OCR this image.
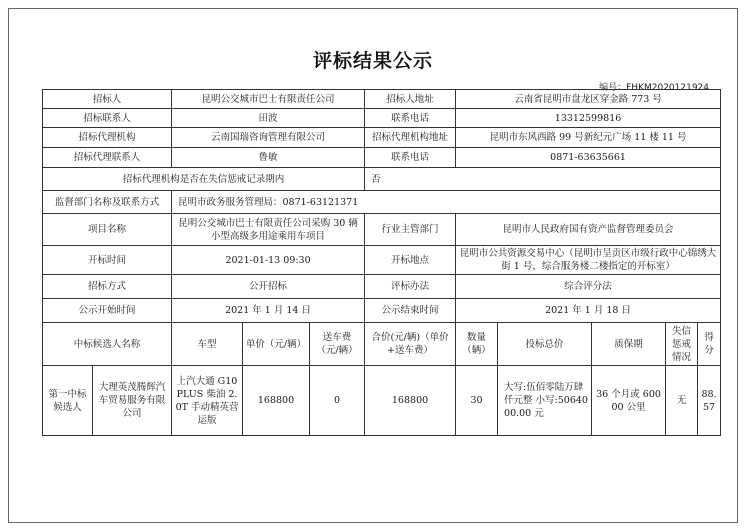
评标结果公示
编号：FHKM2020121924
招标人		昆明公交城市巴士有限责任公司			招标人地址	云南省昆明市盘龙区穿金路 773 号				
招标联系人		田波			联系电话	13312599816				
招标代理机构		云南国瑞咨询管理有限公司			招标代理机构地址	昆明市东风西路 99 号新纪元广场 11 楼 11 号				
招标代理联系人		鲁敏			联系电话	0871-63635661				
招标代理机构是否在失信惩戒记录期内					否					
监督部门名称及联系方式		昆明市政务服务管理局：0871-63121371								
项目名称		昆明公交城市巴士有限责任公司采购 30 辆小型高级多用途乘用车项目			行业主管部门	昆明市人民政府国有资产监督管理委员会				
开标时间		2021-01-13 09:30			开标地点	昆明市公共资源交易中心（昆明市呈贡区市级行政中心锦绣大街 1 号，综合服务楼二楼指定的开标室）				
招标方式		公开招标			评标办法	综合评分法				
公示开始时间		2021 年 1 月 14 日			公示结束时间	2021 年 1 月 18 日				
中标候选人名称		车型	单价（元/辆）	送车费（元/辆）	合价(元/辆)（单价+送车费）	数量（辆）	投标总价	质保期	失信惩戒情况	得分
第一中标候选人	大理英茂腾辉汽车贸易服务有限公司	上汽大通 G10 PLUS 柴油 2.0T 手动精英营运版	168800	0	168800	30	大写:伍佰零陆万肆仟元整 小写:5064000.00 元	36 个月或 60000 公里	无	88.57
